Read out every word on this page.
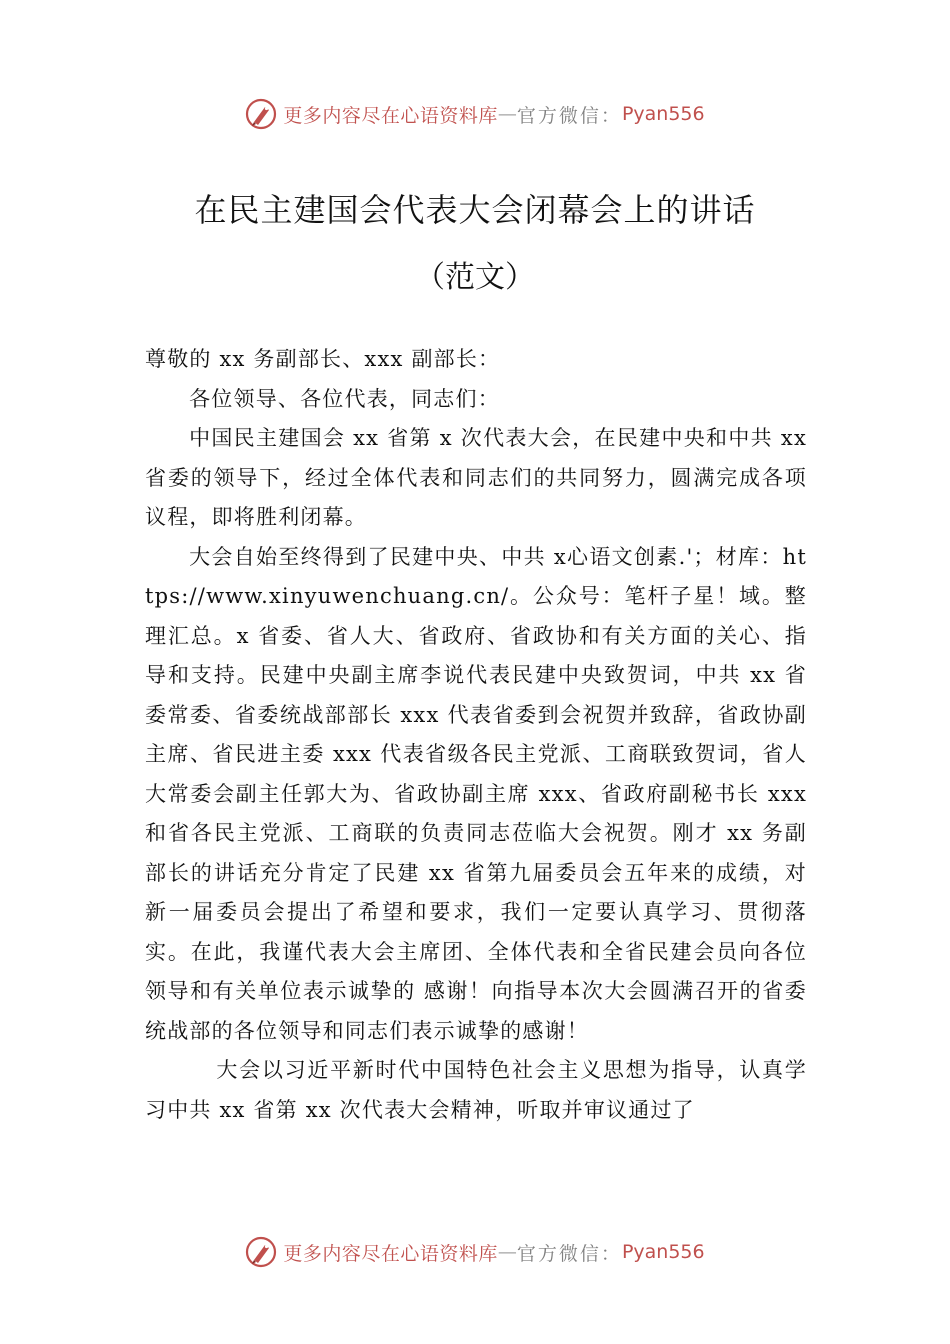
更多内容尽在心语资料库 — 官方微信： Pyan556
在民主建国会代表大会闭幕会上的讲话
（范文）

尊敬的 xx 务副部长、xxx 副部长：

各位领导、各位代表，同志们：

中国民主建国会 xx 省第 x 次代表大会，在民建中央和中共 xx 省委的领导下，经过全体代表和同志们的共同努力，圆满完成各项议程，即将胜利闭幕。

大会自始至终得到了民建中央、中共 x心语文创素.'；材库：https://www.xinyuwenchuang.cn/。公众号：笔杆子星！域。整理汇总。x 省委、省人大、省政府、省政协和有关方面的关心、指导和支持。民建中央副主席李说代表民建中央致贺词，中共 xx 省委常委、省委统战部部长 xxx 代表省委到会祝贺并致辞，省政协副主席、省民进主委 xxx 代表省级各民主党派、工商联致贺词，省人大常委会副主任郭大为、省政协副主席 xxx、省政府副秘书长 xxx 和省各民主党派、工商联的负责同志莅临大会祝贺。刚才 xx 务副部长的讲话充分肯定了民建 xx 省第九届委员会五年来的成绩，对新一届委员会提出了希望和要求，我们一定要认真学习、贯彻落实。在此，我谨代表大会主席团、全体代表和全省民建会员向各位领导和有关单位表示诚挚的 感谢！向指导本次大会圆满召开的省委统战部的各位领导和同志们表示诚挚的感谢！

大会以习近平新时代中国特色社会主义思想为指导，认真学习中共 xx 省第 xx 次代表大会精神，听取并审议通过了

更多内容尽在心语资料库 — 官方微信： Pyan556
